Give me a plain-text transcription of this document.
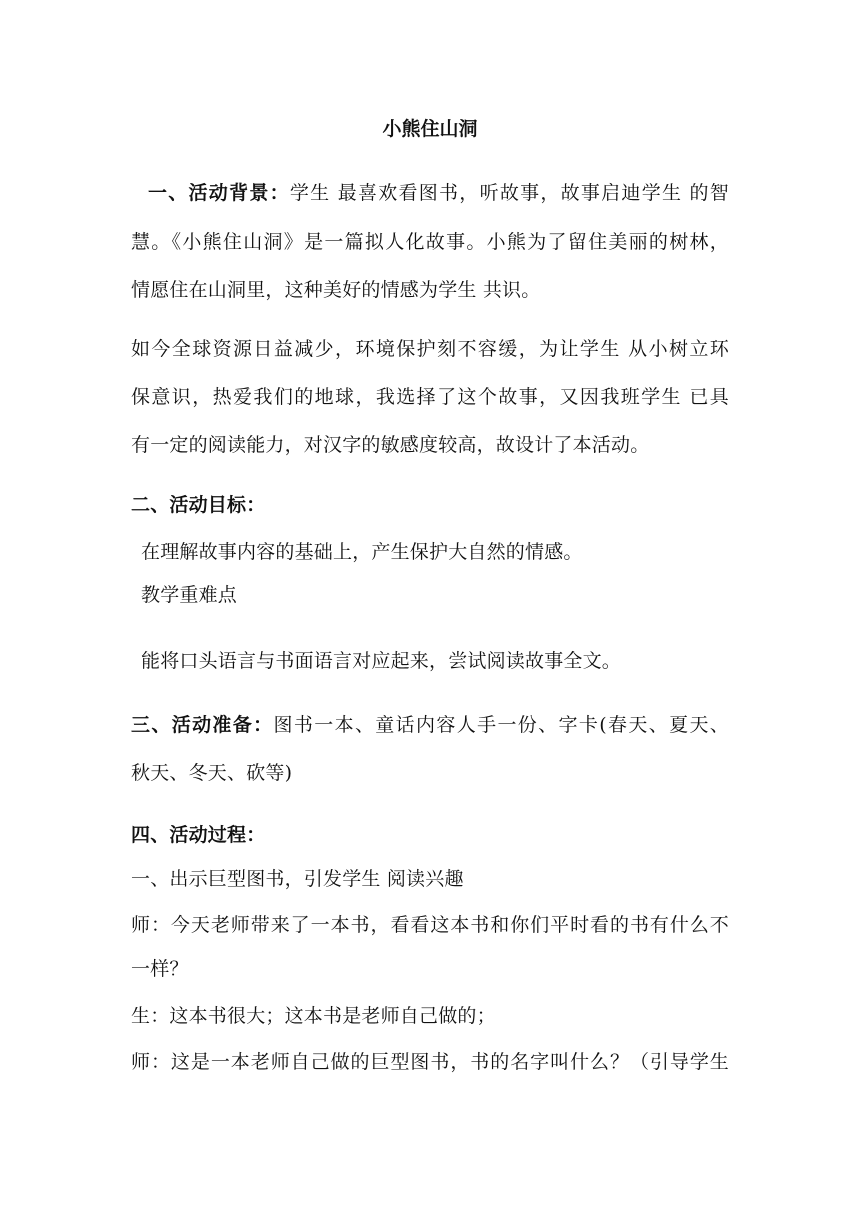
小熊住山洞
一、活动背景：学生 最喜欢看图书，听故事，故事启迪学生 的智
慧。《小熊住山洞》是一篇拟人化故事。小熊为了留住美丽的树林，
情愿住在山洞里，这种美好的情感为学生 共识。
如今全球资源日益减少，环境保护刻不容缓，为让学生 从小树立环
保意识，热爱我们的地球，我选择了这个故事，又因我班学生 已具
有一定的阅读能力，对汉字的敏感度较高，故设计了本活动。
二、活动目标：
在理解故事内容的基础上，产生保护大自然的情感。
教学重难点
能将口头语言与书面语言对应起来，尝试阅读故事全文。
三、活动准备：图书一本、童话内容人手一份、字卡(春天、夏天、
秋天、冬天、砍等)
四、活动过程：
一、出示巨型图书，引发学生 阅读兴趣
师：今天老师带来了一本书，看看这本书和你们平时看的书有什么不
一样？
生：这本书很大；这本书是老师自己做的；
师：这是一本老师自己做的巨型图书，书的名字叫什么？（引导学生
